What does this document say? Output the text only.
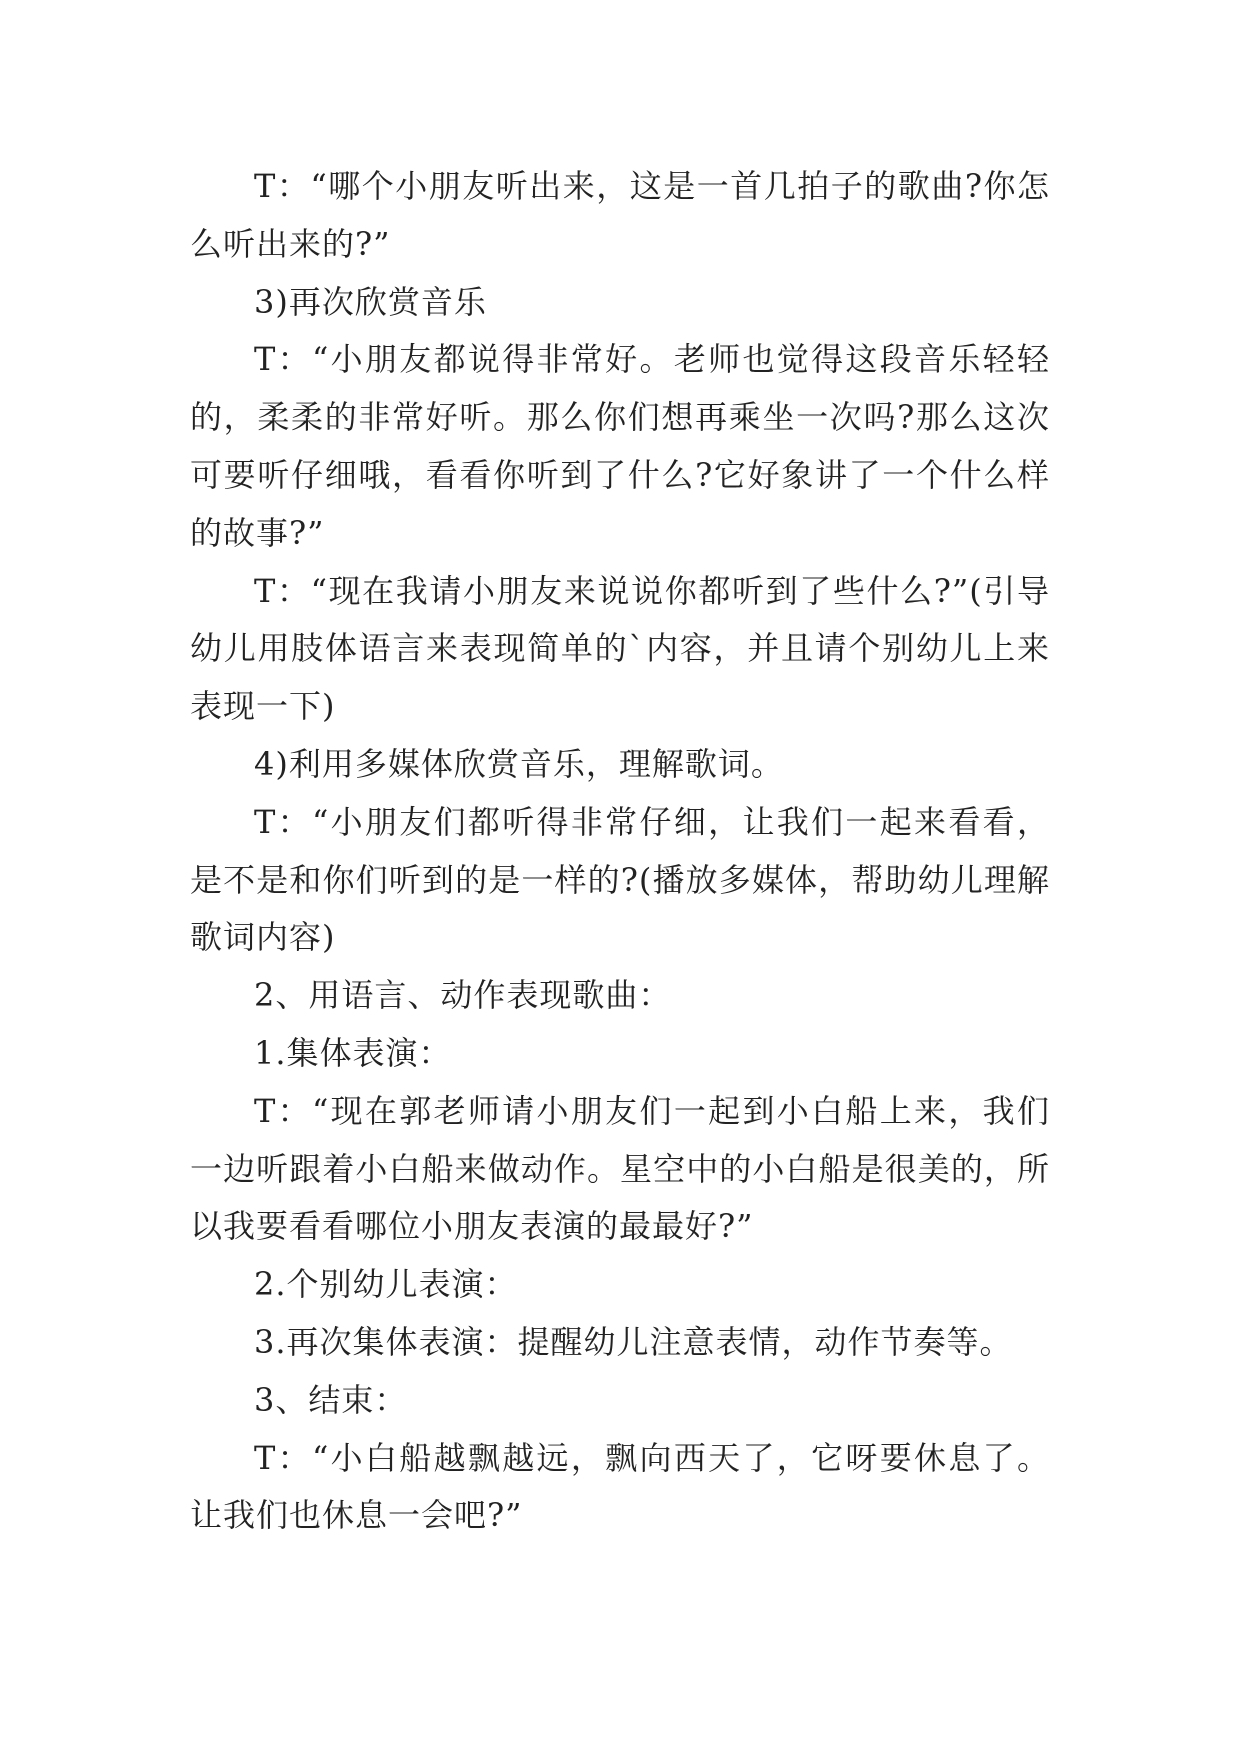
T：“哪个小朋友听出来，这是一首几拍子的歌曲?你怎么听出来的?”

3)再次欣赏音乐

T：“小朋友都说得非常好。老师也觉得这段音乐轻轻的，柔柔的非常好听。那么你们想再乘坐一次吗?那么这次可要听仔细哦，看看你听到了什么?它好象讲了一个什么样的故事?”

T：“现在我请小朋友来说说你都听到了些什么?”(引导幼儿用肢体语言来表现简单的`内容，并且请个别幼儿上来表现一下)

4)利用多媒体欣赏音乐，理解歌词。

T：“小朋友们都听得非常仔细，让我们一起来看看，是不是和你们听到的是一样的?(播放多媒体，帮助幼儿理解歌词内容)

2、用语言、动作表现歌曲：

1.集体表演：

T：“现在郭老师请小朋友们一起到小白船上来，我们一边听跟着小白船来做动作。星空中的小白船是很美的，所以我要看看哪位小朋友表演的最最好?”

2.个别幼儿表演：

3.再次集体表演：提醒幼儿注意表情，动作节奏等。

3、结束：

T：“小白船越飘越远，飘向西天了，它呀要休息了。让我们也休息一会吧?”
